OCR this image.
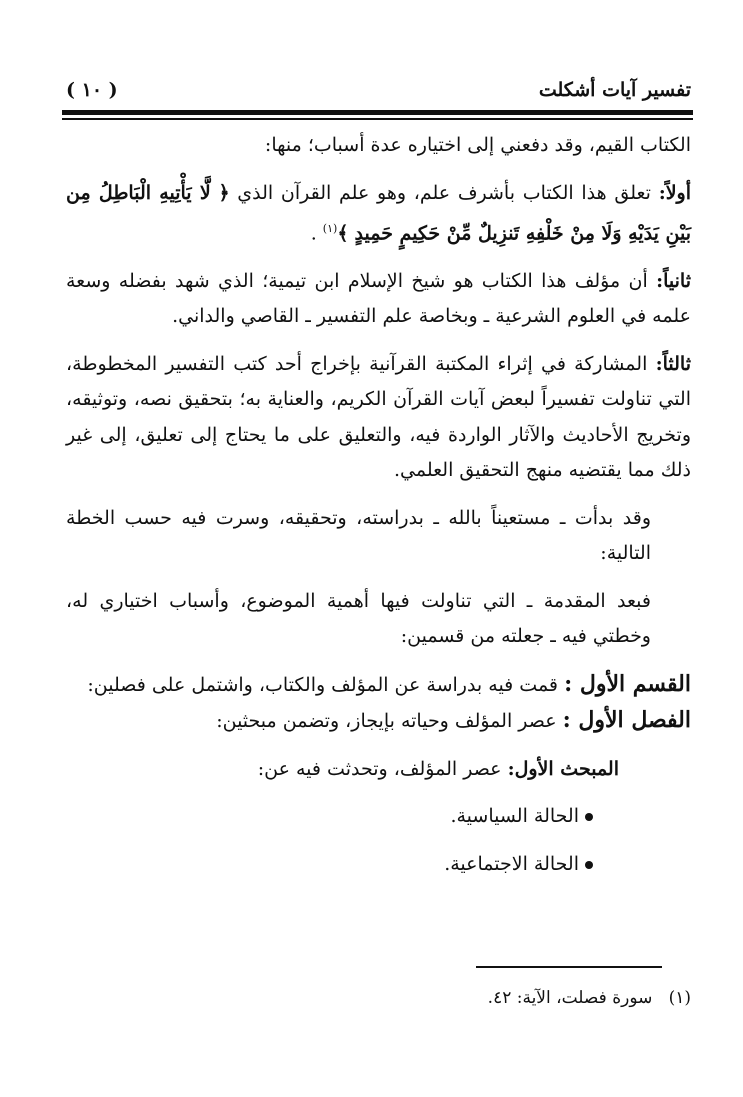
تفسير آيات أشكلت
( ١٠ )

الكتاب القيم، وقد دفعني إلى اختياره عدة أسباب؛ منها:

أولاً: تعلق هذا الكتاب بأشرف علم، وهو علم القرآن الذي ﴿ لَّا يَأْتِيهِ الْبَاطِلُ مِن بَيْنِ يَدَيْهِ وَلَا مِنْ خَلْفِهِ تَنزِيلٌ مِّنْ حَكِيمٍ حَمِيدٍ ﴾$^{(١)}$ .

ثانياً: أن مؤلف هذا الكتاب هو شيخ الإسلام ابن تيمية؛ الذي شهد بفضله وسعة علمه في العلوم الشرعية ـ وبخاصة علم التفسير ـ القاصي والداني.

ثالثاً: المشاركة في إثراء المكتبة القرآنية بإخراج أحد كتب التفسير المخطوطة، التي تناولت تفسيراً لبعض آيات القرآن الكريم، والعناية به؛ بتحقيق نصه، وتوثيقه، وتخريج الأحاديث والآثار الواردة فيه، والتعليق على ما يحتاج إلى تعليق، إلى غير ذلك مما يقتضيه منهج التحقيق العلمي.

وقد بدأت ـ مستعيناً بالله ـ بدراسته، وتحقيقه، وسرت فيه حسب الخطة التالية:

فبعد المقدمة ـ التي تناولت فيها أهمية الموضوع، وأسباب اختياري له، وخطتي فيه ـ جعلته من قسمين:

القسم الأول : قمت فيه بدراسة عن المؤلف والكتاب، واشتمل على فصلين:

الفصل الأول : عصر المؤلف وحياته بإيجاز، وتضمن مبحثين:

المبحث الأول: عصر المؤلف، وتحدثت فيه عن:

الحالة السياسية.

الحالة الاجتماعية.

(١)   سورة فصلت، الآية: ٤٢.
